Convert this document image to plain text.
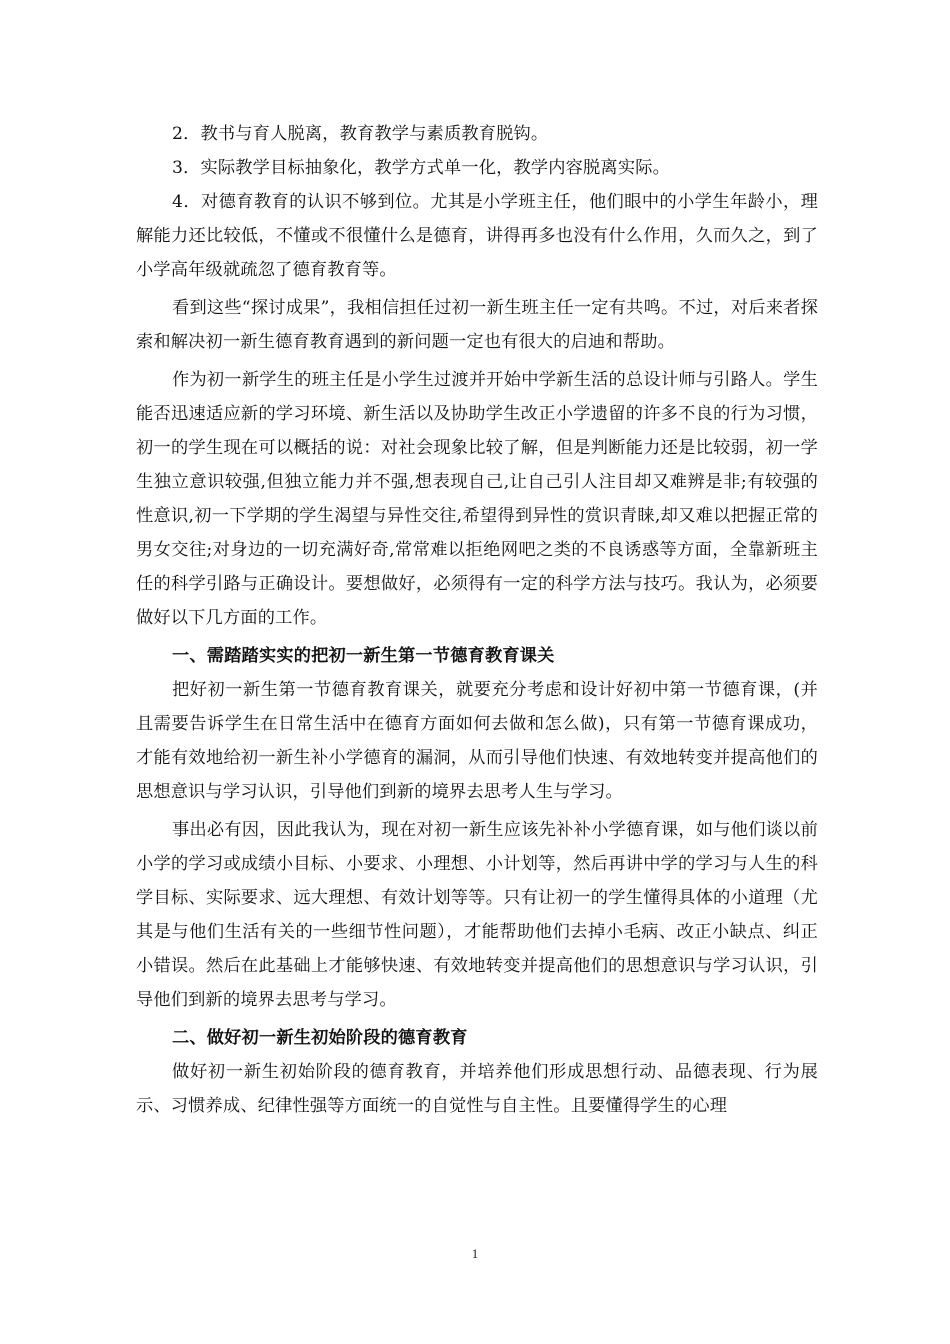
2．教书与育人脱离，教育教学与素质教育脱钩。

3．实际教学目标抽象化，教学方式单一化，教学内容脱离实际。

4．对德育教育的认识不够到位。尤其是小学班主任，他们眼中的小学生年龄小，理解能力还比较低，不懂或不很懂什么是德育，讲得再多也没有什么作用，久而久之，到了小学高年级就疏忽了德育教育等。

看到这些“探讨成果”，我相信担任过初一新生班主任一定有共鸣。不过，对后来者探索和解决初一新生德育教育遇到的新问题一定也有很大的启迪和帮助。

作为初一新学生的班主任是小学生过渡并开始中学新生活的总设计师与引路人。学生能否迅速适应新的学习环境、新生活以及协助学生改正小学遗留的许多不良的行为习惯，初一的学生现在可以概括的说：对社会现象比较了解，但是判断能力还是比较弱，初一学生独立意识较强,但独立能力并不强,想表现自己,让自己引人注目却又难辨是非;有较强的性意识,初一下学期的学生渴望与异性交往,希望得到异性的赏识青睐,却又难以把握正常的男女交往;对身边的一切充满好奇,常常难以拒绝网吧之类的不良诱惑等方面，全靠新班主任的科学引路与正确设计。要想做好，必须得有一定的科学方法与技巧。我认为，必须要做好以下几方面的工作。

一、需踏踏实实的把初一新生第一节德育教育课关

把好初一新生第一节德育教育课关，就要充分考虑和设计好初中第一节德育课，(并且需要告诉学生在日常生活中在德育方面如何去做和怎么做)，只有第一节德育课成功，才能有效地给初一新生补小学德育的漏洞，从而引导他们快速、有效地转变并提高他们的思想意识与学习认识，引导他们到新的境界去思考人生与学习。

事出必有因，因此我认为，现在对初一新生应该先补补小学德育课，如与他们谈以前小学的学习或成绩小目标、小要求、小理想、小计划等，然后再讲中学的学习与人生的科学目标、实际要求、远大理想、有效计划等等。只有让初一的学生懂得具体的小道理（尤其是与他们生活有关的一些细节性问题），才能帮助他们去掉小毛病、改正小缺点、纠正小错误。然后在此基础上才能够快速、有效地转变并提高他们的思想意识与学习认识，引导他们到新的境界去思考与学习。

二、做好初一新生初始阶段的德育教育

做好初一新生初始阶段的德育教育，并培养他们形成思想行动、品德表现、行为展示、习惯养成、纪律性强等方面统一的自觉性与自主性。且要懂得学生的心理

1
